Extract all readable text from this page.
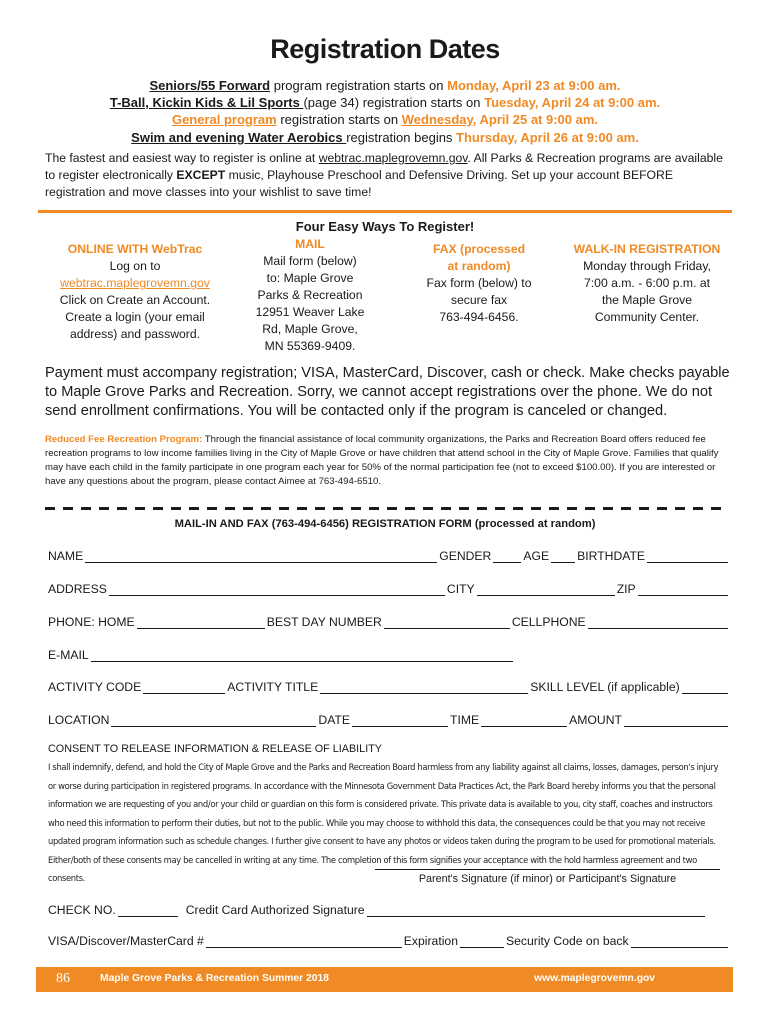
Registration Dates
Seniors/55 Forward program registration starts on Monday, April 23 at 9:00 am.
T-Ball, Kickin Kids & Lil Sports (page 34) registration starts on Tuesday, April 24 at 9:00 am.
General program registration starts on Wednesday, April 25 at 9:00 am.
Swim and evening Water Aerobics registration begins Thursday, April 26 at 9:00 am.
The fastest and easiest way to register is online at webtrac.maplegrovemn.gov. All Parks & Recreation programs are available to register electronically EXCEPT music, Playhouse Preschool and Defensive Driving. Set up your account BEFORE registration and move classes into your wishlist to save time!
Four Easy Ways To Register!
ONLINE WITH WebTrac
Log on to
webtrac.maplegrovemn.gov
Click on Create an Account.
Create a login (your email
address) and password.
MAIL
Mail form (below)
to: Maple Grove
Parks & Recreation
12951 Weaver Lake
Rd, Maple Grove,
MN 55369-9409.
FAX (processed
at random)
Fax form (below) to
secure fax
763-494-6456.
WALK-IN REGISTRATION
Monday through Friday,
7:00 a.m. - 6:00 p.m. at
the Maple Grove
Community Center.
Payment must accompany registration; VISA, MasterCard, Discover, cash or check. Make checks payable to Maple Grove Parks and Recreation. Sorry, we cannot accept registrations over the phone. We do not send enrollment confirmations. You will be contacted only if the program is canceled or changed.
Reduced Fee Recreation Program: Through the financial assistance of local community organizations, the Parks and Recreation Board offers reduced fee recreation programs to low income families living in the City of Maple Grove or have children that attend school in the City of Maple Grove. Families that qualify may have each child in the family participate in one program each year for 50% of the normal participation fee (not to exceed $100.00). If you are interested or have any questions about the program, please contact Aimee at 763-494-6510.
MAIL-IN AND FAX (763-494-6456) REGISTRATION FORM (processed at random)
NAME	GENDER	AGE BIRTHDATE
ADDRESS	CITY	ZIP
PHONE: HOME	BEST DAY NUMBER	CELLPHONE
E-MAIL
ACTIVITY CODE	ACTIVITY TITLE	SKILL LEVEL (if applicable)
LOCATION	DATE	TIME	AMOUNT
CONSENT TO RELEASE INFORMATION & RELEASE OF LIABILITY
I shall indemnify, defend, and hold the City of Maple Grove and the Parks and Recreation Board harmless from any liability against all claims, losses, damages, person's injury or worse during participation in registered programs. In accordance with the Minnesota Government Data Practices Act, the Park Board hereby informs you that the personal information we are requesting of you and/or your child or guardian on this form is considered private. This private data is available to you, city staff, coaches and instructors who need this information to perform their duties, but not to the public. While you may choose to withhold this data, the consequences could be that you may not receive updated program information such as schedule changes. I further give consent to have any photos or videos taken during the program to be used for promotional materials. Either/both of these consents may be cancelled in writing at any time. The completion of this form signifies your acceptance with the hold harmless agreement and two consents.	Parent's Signature (if minor) or Participant's Signature
CHECK NO.	Credit Card Authorized Signature
VISA/Discover/MasterCard #	Expiration	Security Code on back
86	Maple Grove Parks & Recreation Summer 2018	www.maplegrovemn.gov
